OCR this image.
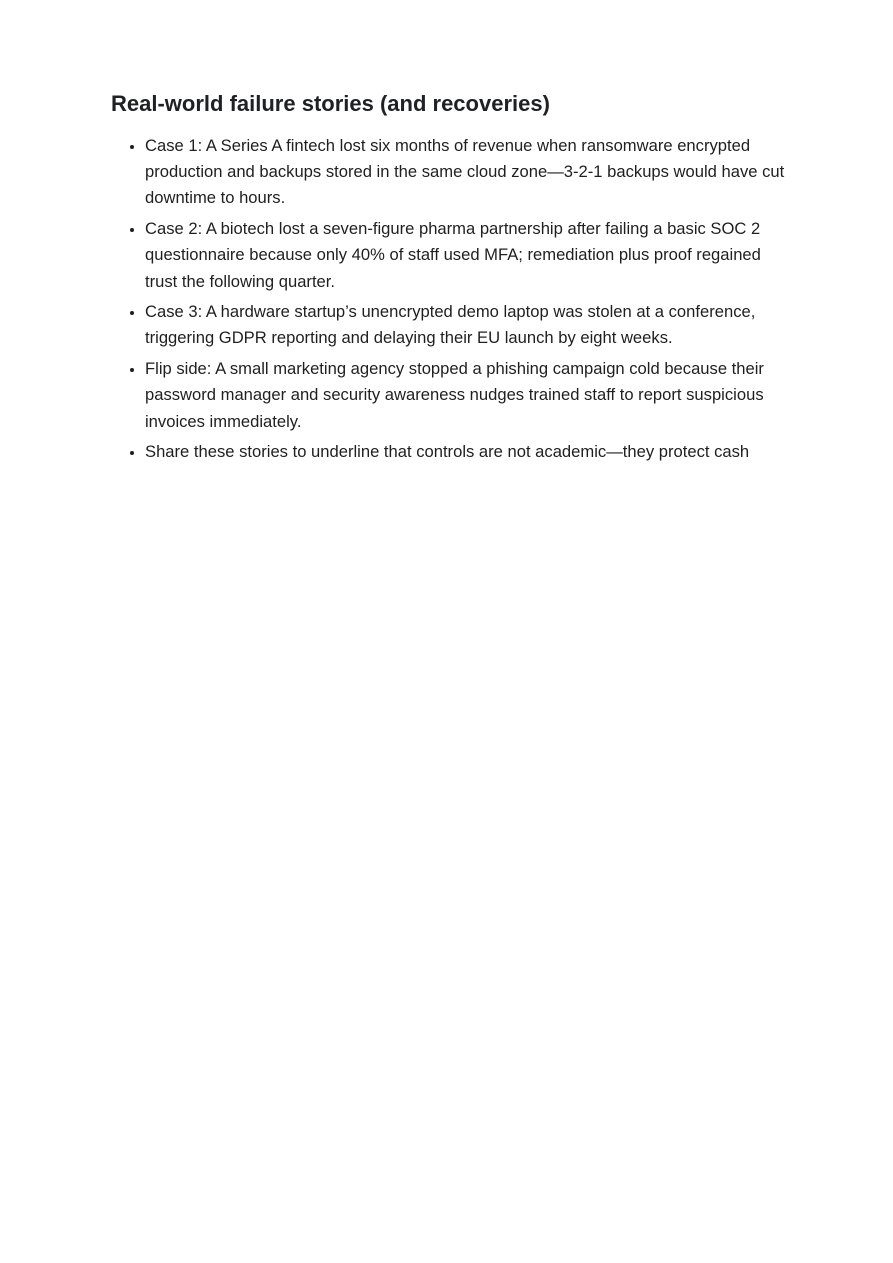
Real-world failure stories (and recoveries)
• Case 1: A Series A fintech lost six months of revenue when ransomware encrypted production and backups stored in the same cloud zone—3-2-1 backups would have cut downtime to hours.
• Case 2: A biotech lost a seven-figure pharma partnership after failing a basic SOC 2 questionnaire because only 40% of staff used MFA; remediation plus proof regained trust the following quarter.
• Case 3: A hardware startup’s unencrypted demo laptop was stolen at a conference, triggering GDPR reporting and delaying their EU launch by eight weeks.
• Flip side: A small marketing agency stopped a phishing campaign cold because their password manager and security awareness nudges trained staff to report suspicious invoices immediately.
• Share these stories to underline that controls are not academic—they protect cash
